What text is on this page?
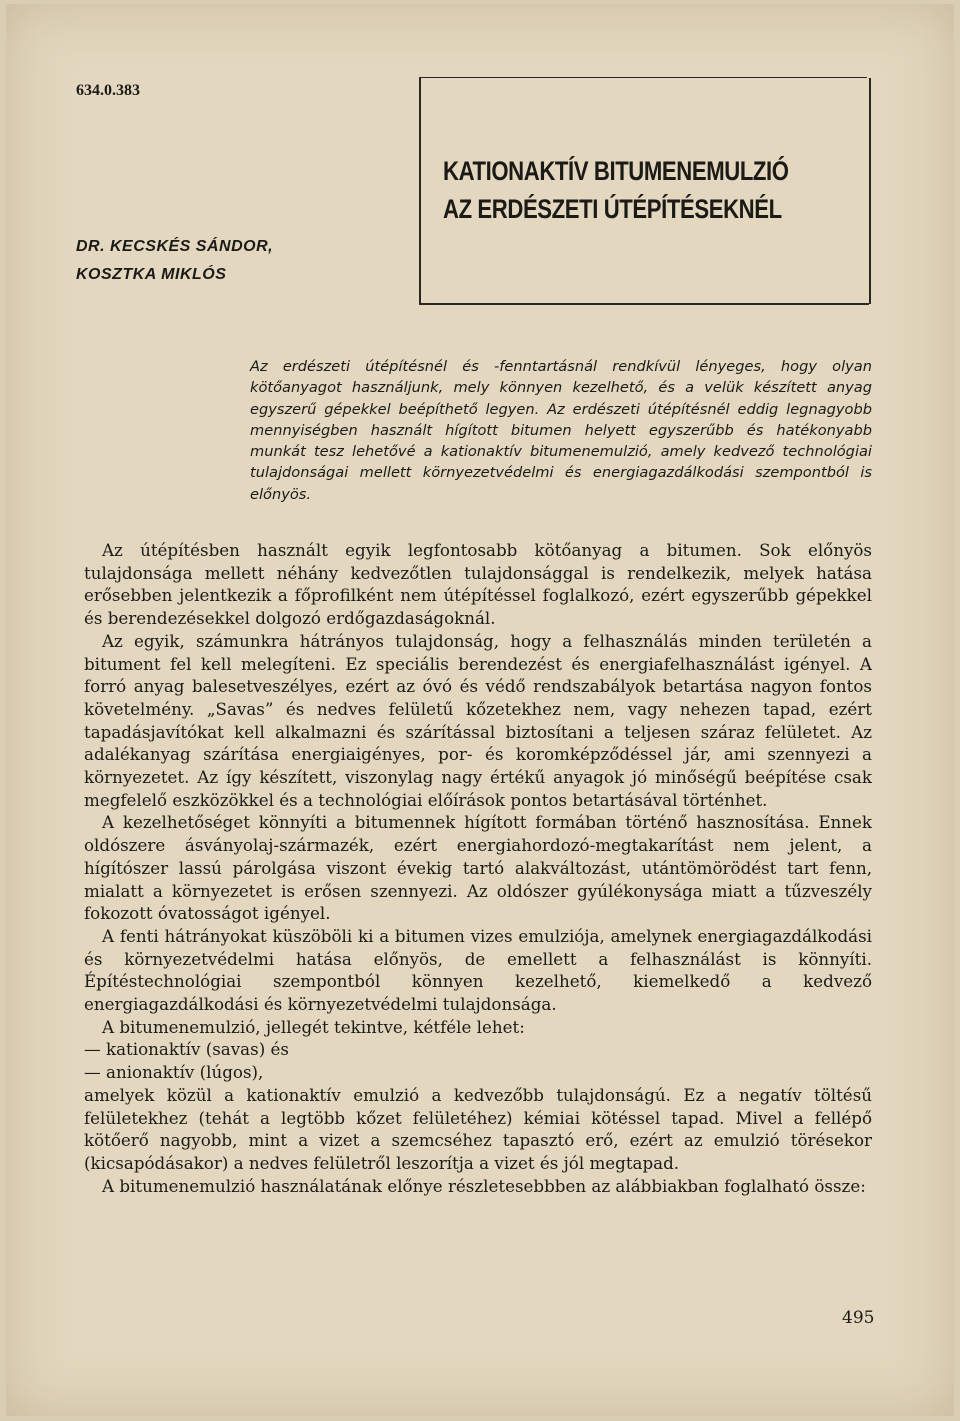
634.0.383
KATIONAKTÍV BITUMENEMULZIÓ
AZ ERDÉSZETI ÚTÉPÍTÉSEKNÉL
DR. KECSKÉS SÁNDOR,
KOSZTKA MIKLÓS
Az erdészeti útépítésnél és -fenntartásnál rendkívül lényeges, hogy olyan kötőanyagot használjunk, mely könnyen kezelhető, és a velük készített anyag egyszerű gépekkel beépíthető legyen. Az erdészeti útépítésnél eddig legnagyobb mennyiségben használt hígított bitumen helyett egyszerűbb és hatékonyabb munkát tesz lehetővé a kationaktív bitumenemulzió, amely kedvező technológiai tulajdonságai mellett környezetvédelmi és energiagazdálkodási szempontból is előnyös.

Az útépítésben használt egyik legfontosabb kötőanyag a bitumen. Sok előnyös tulajdonsága mellett néhány kedvezőtlen tulajdonsággal is rendelkezik, melyek hatása erősebben jelentkezik a főprofilként nem útépítéssel foglalkozó, ezért egyszerűbb gépekkel és berendezésekkel dolgozó erdőgazdaságoknál.

Az egyik, számunkra hátrányos tulajdonság, hogy a felhasználás minden területén a bitument fel kell melegíteni. Ez speciális berendezést és energiafelhasználást igényel. A forró anyag balesetveszélyes, ezért az óvó és védő rendszabályok betartása nagyon fontos követelmény. „Savas” és nedves felületű kőzetekhez nem, vagy nehezen tapad, ezért tapadásjavítókat kell alkalmazni és szárítással biztosítani a teljesen száraz felületet. Az adalékanyag szárítása energiaigényes, por- és koromképződéssel jár, ami szennyezi a környezetet. Az így készített, viszonylag nagy értékű anyagok jó minőségű beépítése csak megfelelő eszközökkel és a technológiai előírások pontos betartásával történhet.

A kezelhetőséget könnyíti a bitumennek hígított formában történő hasznosítása. Ennek oldószere ásványolaj-származék, ezért energiahordozó-megtakarítást nem jelent, a hígítószer lassú párolgása viszont évekig tartó alakváltozást, utántömörödést tart fenn, mialatt a környezetet is erősen szennyezi. Az oldószer gyúlékonysága miatt a tűzveszély fokozott óvatosságot igényel.

A fenti hátrányokat küszöböli ki a bitumen vizes emulziója, amelynek energiagazdálkodási és környezetvédelmi hatása előnyös, de emellett a felhasználást is könnyíti. Építéstechnológiai szempontból könnyen kezelhető, kiemelkedő a kedvező energiagazdálkodási és környezetvédelmi tulajdonsága.

A bitumenemulzió, jellegét tekintve, kétféle lehet:

— kationaktív (savas) és

— anionaktív (lúgos),

amelyek közül a kationaktív emulzió a kedvezőbb tulajdonságú. Ez a negatív töltésű felületekhez (tehát a legtöbb kőzet felületéhez) kémiai kötéssel tapad. Mivel a fellépő kötőerő nagyobb, mint a vizet a szemcséhez tapasztó erő, ezért az emulzió törésekor (kicsapódásakor) a nedves felületről leszorítja a vizet és jól megtapad.

A bitumenemulzió használatának előnye részletesebbben az alábbiakban foglalható össze:

495
